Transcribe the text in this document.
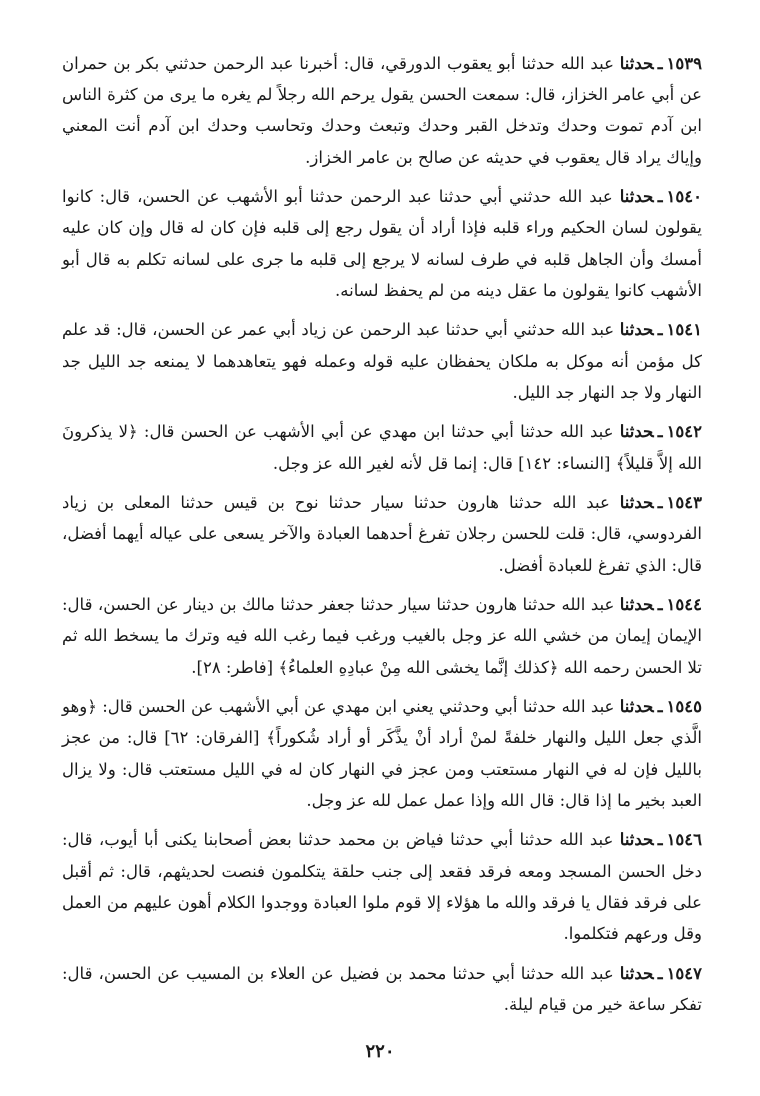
١٥٣٩ـحدثنا عبد الله حدثنا أبو يعقوب الدورقي، قال: أخبرنا عبد الرحمن حدثني بكر بن حمران عن أبي عامر الخزاز، قال: سمعت الحسن يقول يرحم الله رجلاً لم يغره ما يرى من كثرة الناس ابن آدم تموت وحدك وتدخل القبر وحدك وتبعث وحدك وتحاسب وحدك ابن آدم أنت المعني وإياك يراد قال يعقوب في حديثه عن صالح بن عامر الخزاز.

١٥٤٠ـحدثنا عبد الله حدثني أبي حدثنا عبد الرحمن حدثنا أبو الأشهب عن الحسن، قال: كانوا يقولون لسان الحكيم وراء قلبه فإذا أراد أن يقول رجع إلى قلبه فإن كان له قال وإن كان عليه أمسك وأن الجاهل قلبه في طرف لسانه لا يرجع إلى قلبه ما جرى على لسانه تكلم به قال أبو الأشهب كانوا يقولون ما عقل دينه من لم يحفظ لسانه.

١٥٤١ـحدثنا عبد الله حدثني أبي حدثنا عبد الرحمن عن زياد أبي عمر عن الحسن، قال: قد علم كل مؤمن أنه موكل به ملكان يحفظان عليه قوله وعمله فهو يتعاهدهما لا يمنعه جد الليل جد النهار ولا جد النهار جد الليل.

١٥٤٢ـحدثنا عبد الله حدثنا أبي حدثنا ابن مهدي عن أبي الأشهب عن الحسن قال: ﴿لا يذكرونَ الله إلاَّ قليلاً﴾ [النساء: ١٤٢] قال: إنما قل لأنه لغير الله عز وجل.

١٥٤٣ـحدثنا عبد الله حدثنا هارون حدثنا سيار حدثنا نوح بن قيس حدثنا المعلى بن زياد الفردوسي، قال: قلت للحسن رجلان تفرغ أحدهما العبادة والآخر يسعى على عياله أيهما أفضل، قال: الذي تفرغ للعبادة أفضل.

١٥٤٤ـحدثنا عبد الله حدثنا هارون حدثنا سيار حدثنا جعفر حدثنا مالك بن دينار عن الحسن، قال: الإيمان إيمان من خشي الله عز وجل بالغيب ورغب فيما رغب الله فيه وترك ما يسخط الله ثم تلا الحسن رحمه الله ﴿كذلك إنَّما يخشى الله مِنْ عبادِهِ العلماءُ﴾ [فاطر: ٢٨].

١٥٤٥ـحدثنا عبد الله حدثنا أبي وحدثني يعني ابن مهدي عن أبي الأشهب عن الحسن قال: ﴿وهو الَّذي جعل الليل والنهار خلفةً لمنْ أراد أنْ يذَّكَر أو أراد شُكوراً﴾ [الفرقان: ٦٢] قال: من عجز بالليل فإن له في النهار مستعتب ومن عجز في النهار كان له في الليل مستعتب قال: ولا يزال العبد بخير ما إذا قال: قال الله وإذا عمل عمل لله عز وجل.

١٥٤٦ـحدثنا عبد الله حدثنا أبي حدثنا فياض بن محمد حدثنا بعض أصحابنا يكنى أبا أيوب، قال: دخل الحسن المسجد ومعه فرقد فقعد إلى جنب حلقة يتكلمون فنصت لحديثهم، قال: ثم أقبل على فرقد فقال يا فرقد والله ما هؤلاء إلا قوم ملوا العبادة ووجدوا الكلام أهون عليهم من العمل وقل ورعهم فتكلموا.

١٥٤٧ـحدثنا عبد الله حدثنا أبي حدثنا محمد بن فضيل عن العلاء بن المسيب عن الحسن، قال: تفكر ساعة خير من قيام ليلة.

٢٢٠
